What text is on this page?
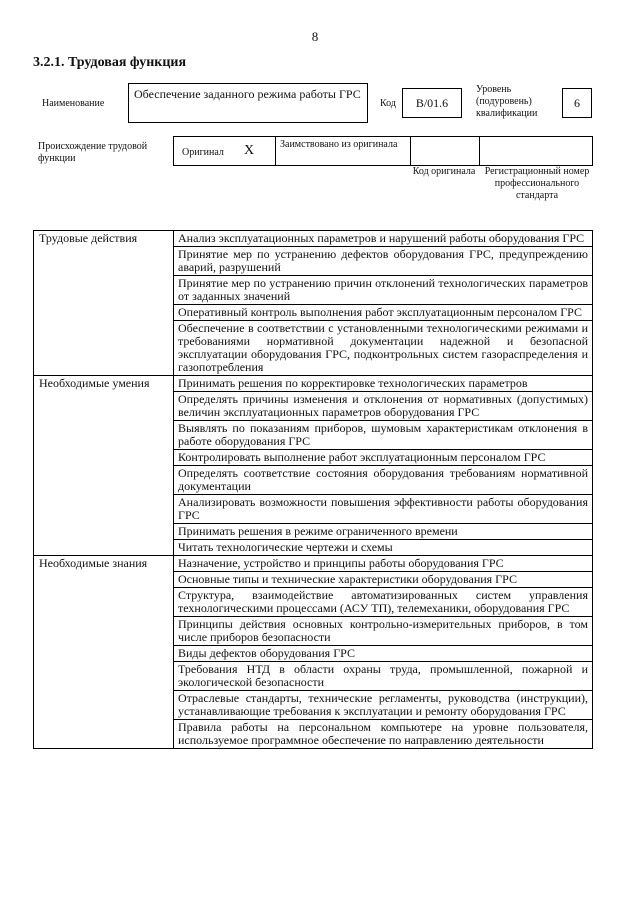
8
3.2.1. Трудовая функция
Наименование
Обеспечение заданного режима работы ГРС
Код	B/01.6
Уровень (подуровень) квалификации
6
Происхождение трудовой функции
Оригинал X	Заимствовано из оригинала
Код оригинала Регистрационный номер профессионального стандарта
Трудовые действия	Анализ эксплуатационных параметров и нарушений работы оборудования ГРС
	Принятие мер по устранению дефектов оборудования ГРС, предупреждению аварий, разрушений
	Принятие мер по устранению причин отклонений технологических параметров от заданных значений
	Оперативный контроль выполнения работ эксплуатационным персоналом ГРС
	Обеспечение в соответствии с установленными технологическими режимами и требованиями нормативной документации надежной и безопасной эксплуатации оборудования ГРС, подконтрольных систем газораспределения и газопотребления
Необходимые умения	Принимать решения по корректировке технологических параметров
	Определять причины изменения и отклонения от нормативных (допустимых) величин эксплуатационных параметров оборудования ГРС
	Выявлять по показаниям приборов, шумовым характеристикам отклонения в работе оборудования ГРС
	Контролировать выполнение работ эксплуатационным персоналом ГРС
	Определять соответствие состояния оборудования требованиям нормативной документации
	Анализировать возможности повышения эффективности работы оборудования ГРС
	Принимать решения в режиме ограниченного времени
	Читать технологические чертежи и схемы
Необходимые знания	Назначение, устройство и принципы работы оборудования ГРС
	Основные типы и технические характеристики оборудования ГРС
	Структура, взаимодействие автоматизированных систем управления технологическими процессами (АСУ ТП), телемеханики, оборудования ГРС
	Принципы действия основных контрольно-измерительных приборов, в том числе приборов безопасности
	Виды дефектов оборудования ГРС
	Требования НТД в области охраны труда, промышленной, пожарной и экологической безопасности
	Отраслевые стандарты, технические регламенты, руководства (инструкции), устанавливающие требования к эксплуатации и ремонту оборудования ГРС
	Правила работы на персональном компьютере на уровне пользователя, используемое программное обеспечение по направлению деятельности
